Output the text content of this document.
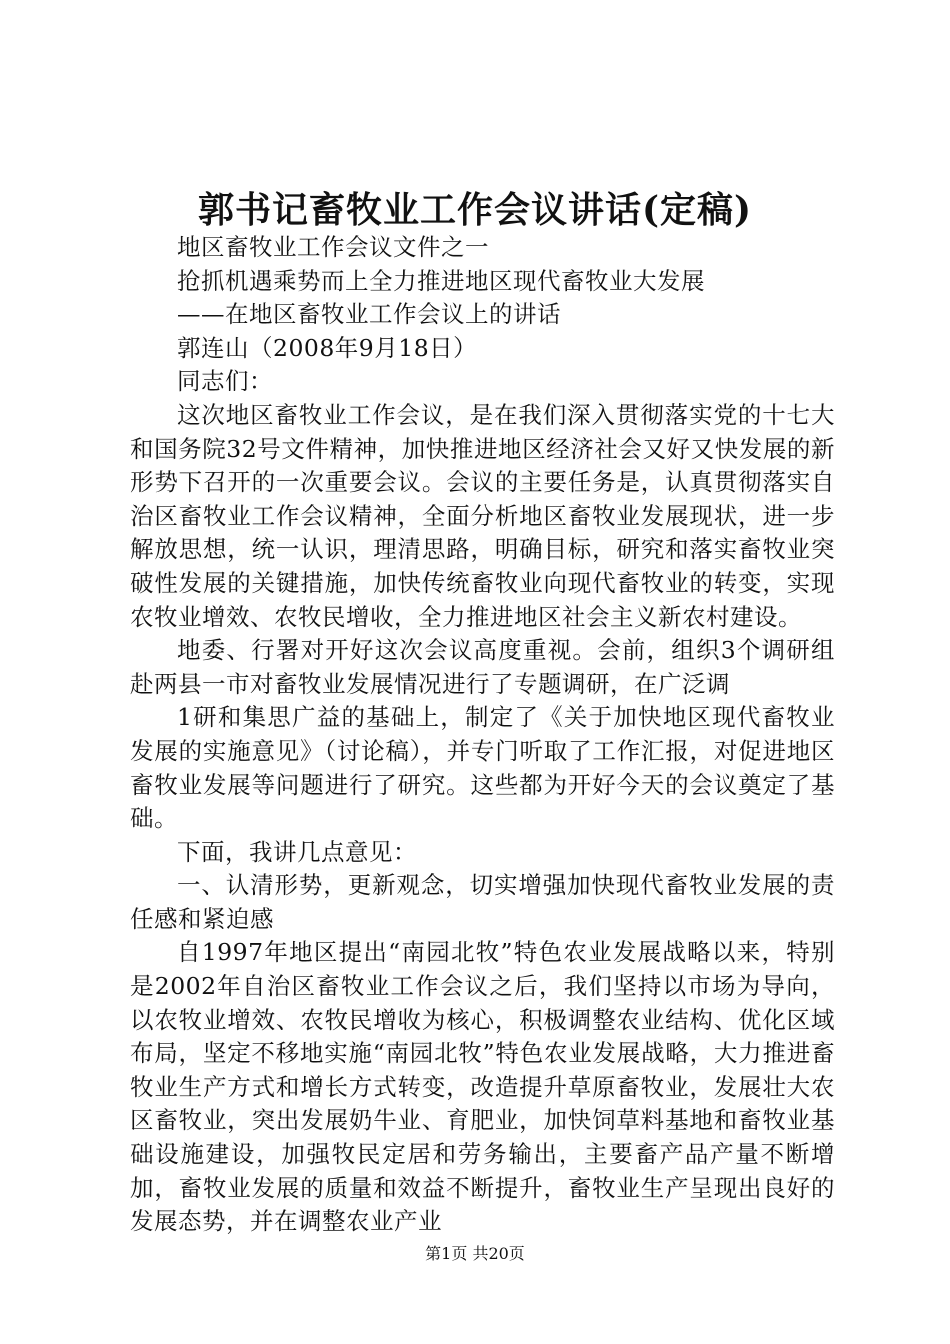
郭书记畜牧业工作会议讲话(定稿)

地区畜牧业工作会议文件之一

抢抓机遇乘势而上全力推进地区现代畜牧业大发展

——在地区畜牧业工作会议上的讲话

郭连山（2008年9月18日）

同志们：

这次地区畜牧业工作会议，是在我们深入贯彻落实党的十七大和国务院32号文件精神，加快推进地区经济社会又好又快发展的新形势下召开的一次重要会议。会议的主要任务是，认真贯彻落实自治区畜牧业工作会议精神，全面分析地区畜牧业发展现状，进一步解放思想，统一认识，理清思路，明确目标，研究和落实畜牧业突破性发展的关键措施，加快传统畜牧业向现代畜牧业的转变，实现农牧业增效、农牧民增收，全力推进地区社会主义新农村建设。

地委、行署对开好这次会议高度重视。会前，组织3个调研组赴两县一市对畜牧业发展情况进行了专题调研，在广泛调

1研和集思广益的基础上，制定了《关于加快地区现代畜牧业发展的实施意见》（讨论稿），并专门听取了工作汇报，对促进地区畜牧业发展等问题进行了研究。这些都为开好今天的会议奠定了基础。

下面，我讲几点意见：

一、认清形势，更新观念，切实增强加快现代畜牧业发展的责任感和紧迫感

自1997年地区提出“南园北牧”特色农业发展战略以来，特别是2002年自治区畜牧业工作会议之后，我们坚持以市场为导向，以农牧业增效、农牧民增收为核心，积极调整农业结构、优化区域布局，坚定不移地实施“南园北牧”特色农业发展战略，大力推进畜牧业生产方式和增长方式转变，改造提升草原畜牧业，发展壮大农区畜牧业，突出发展奶牛业、育肥业，加快饲草料基地和畜牧业基础设施建设，加强牧民定居和劳务输出，主要畜产品产量不断增加，畜牧业发展的质量和效益不断提升，畜牧业生产呈现出良好的发展态势，并在调整农业产业

第1页 共20页
